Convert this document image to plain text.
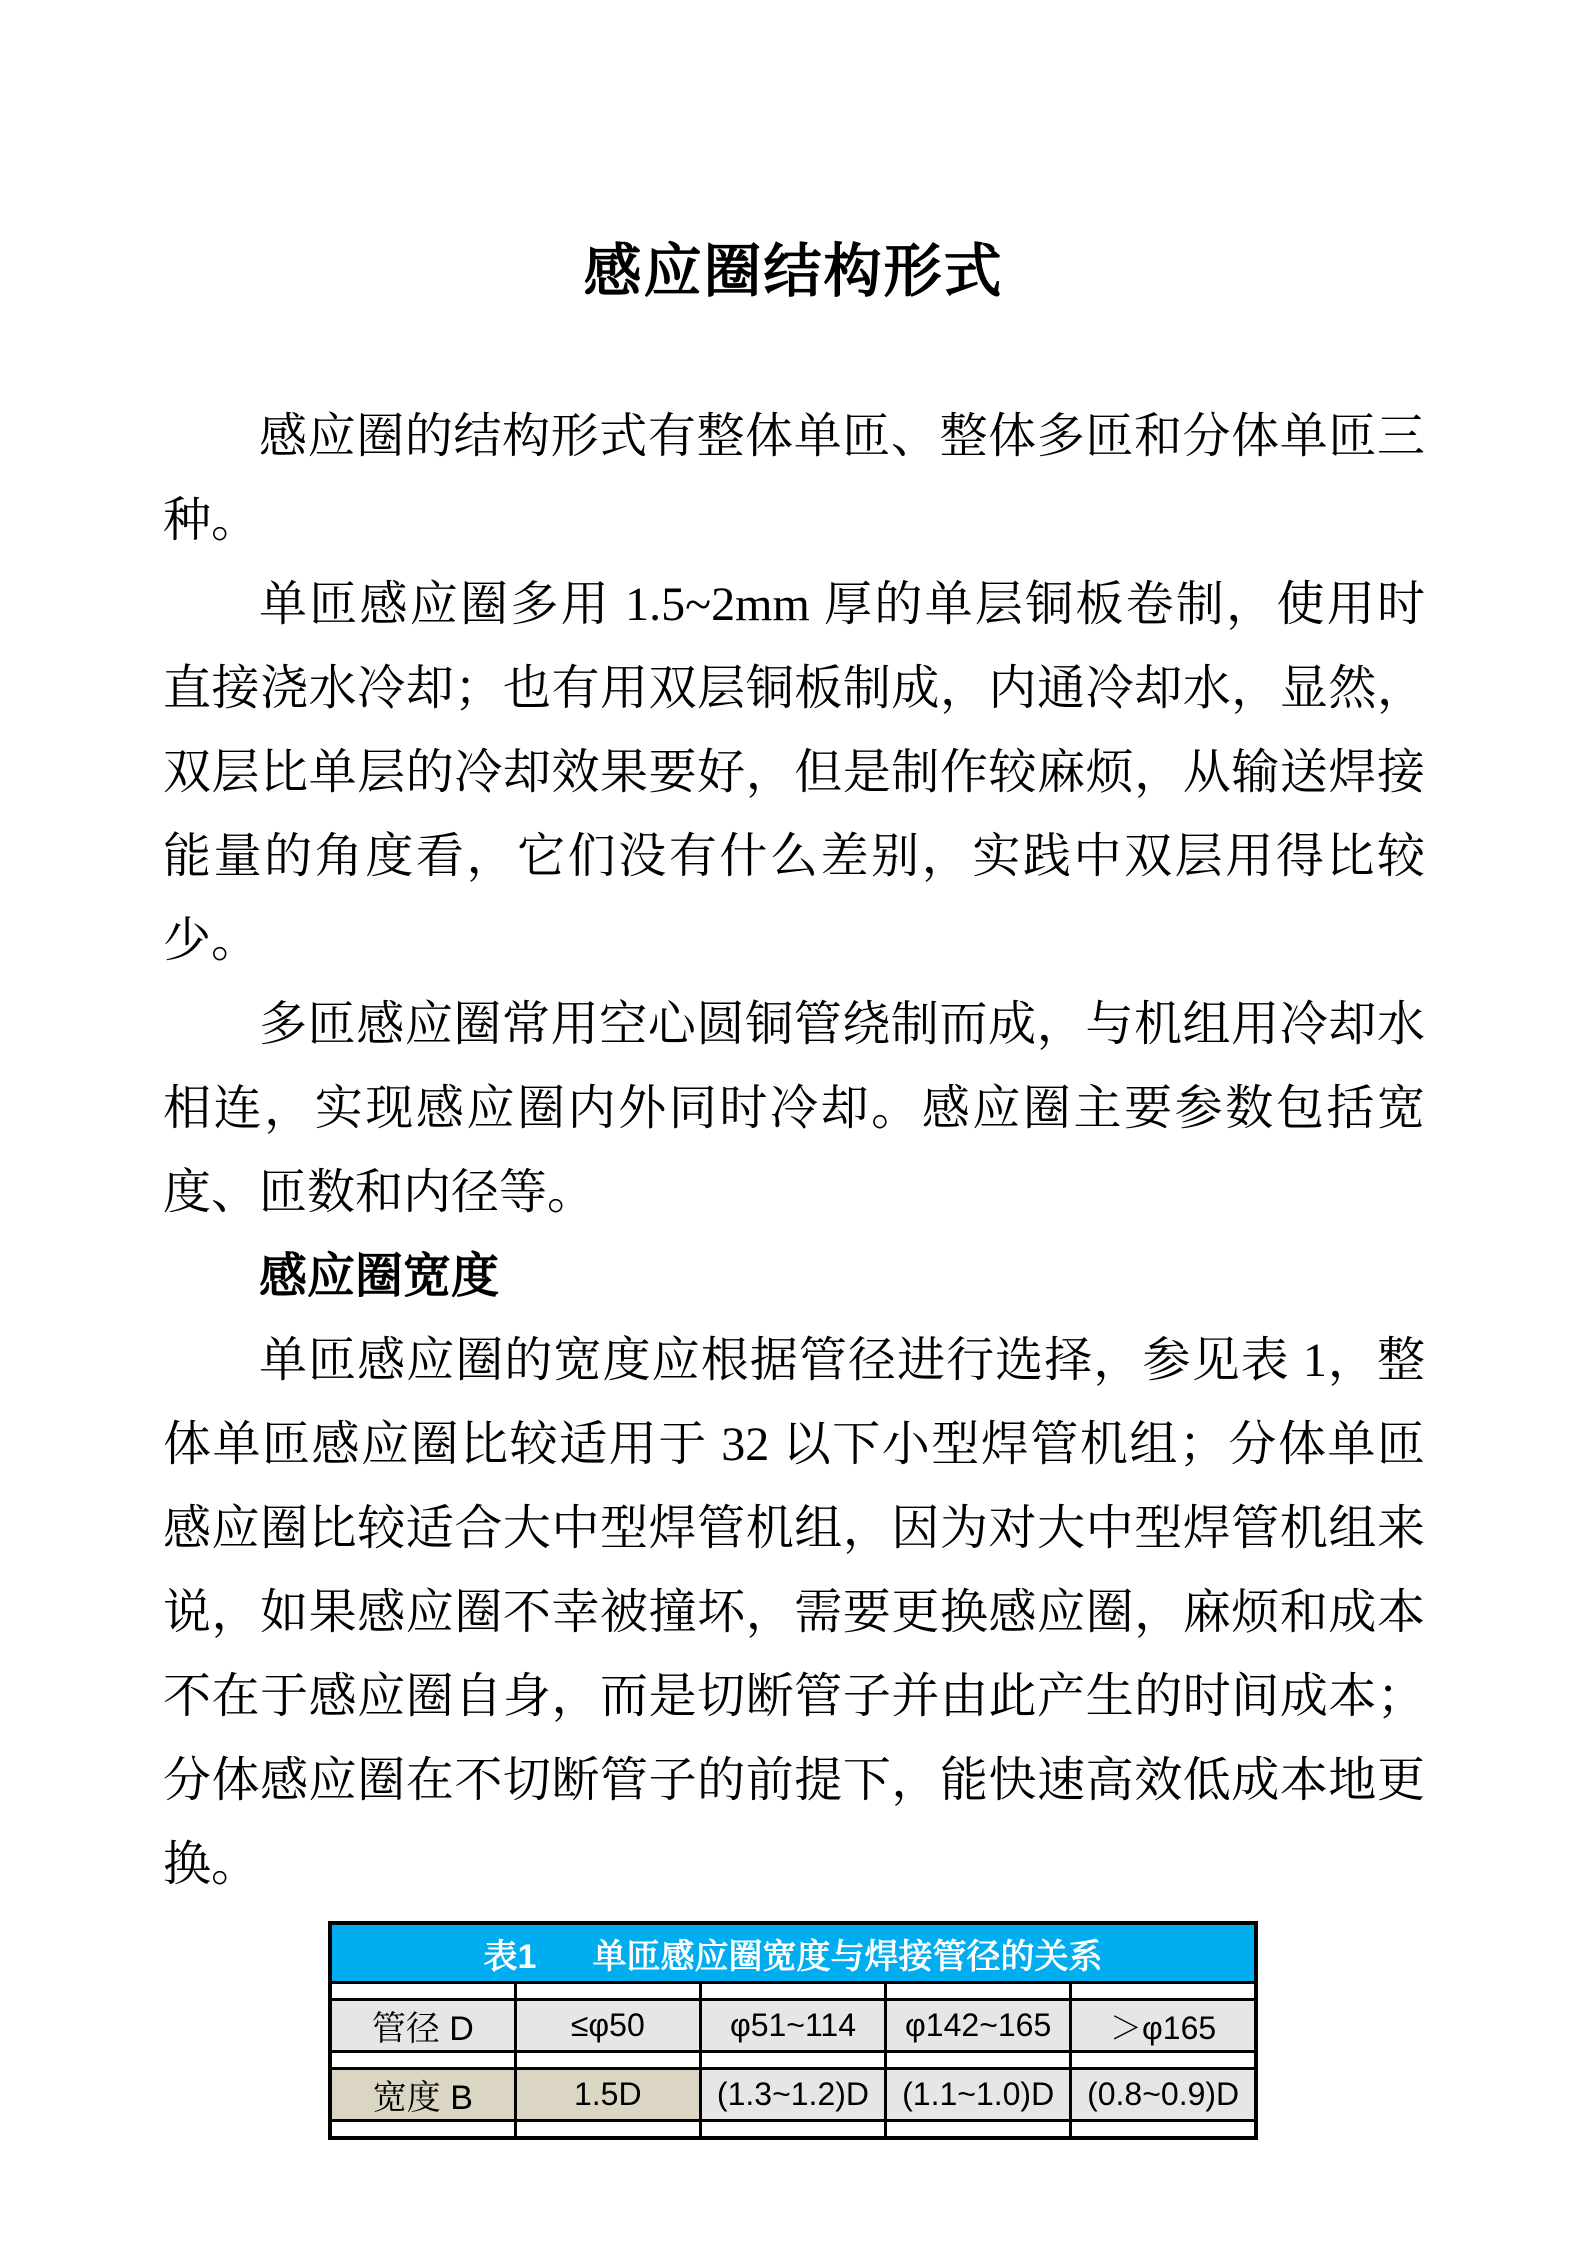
感应圈结构形式

感应圈的结构形式有整体单匝、整体多匝和分体单匝三种。

单匝感应圈多用 1.5~2mm 厚的单层铜板卷制，使用时直接浇水冷却；也有用双层铜板制成，内通冷却水，显然，双层比单层的冷却效果要好，但是制作较麻烦，从输送焊接能量的角度看，它们没有什么差别，实践中双层用得比较少。

多匝感应圈常用空心圆铜管绕制而成，与机组用冷却水相连，实现感应圈内外同时冷却。感应圈主要参数包括宽度、匝数和内径等。

感应圈宽度

单匝感应圈的宽度应根据管径进行选择，参见表 1，整体单匝感应圈比较适用于 32 以下小型焊管机组；分体单匝感应圈比较适合大中型焊管机组，因为对大中型焊管机组来说，如果感应圈不幸被撞坏，需要更换感应圈，麻烦和成本不在于感应圈自身，而是切断管子并由此产生的时间成本；分体感应圈在不切断管子的前提下，能快速高效低成本地更换。

表1 单匝感应圈宽度与焊接管径的关系				

管径 D	≤φ50	φ51~114	φ142~165	＞φ165

宽度 B	1.5D	(1.3~1.2)D	(1.1~1.0)D	(0.8~0.9)D
